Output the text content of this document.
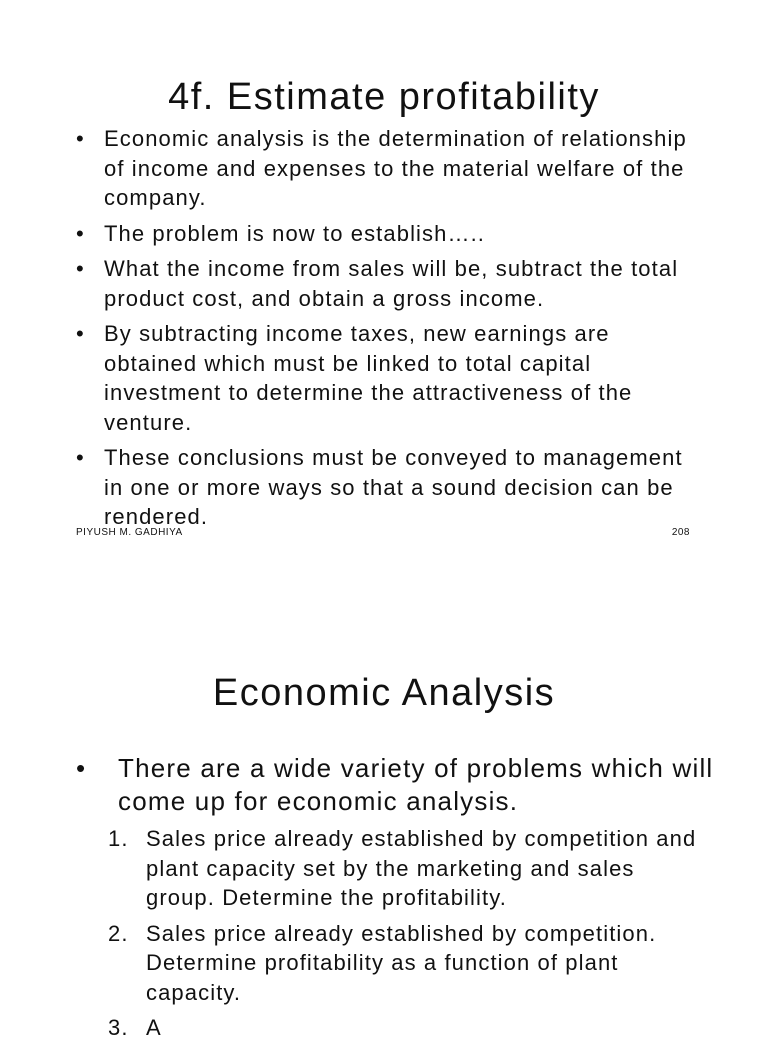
4f. Estimate profitability
• Economic analysis is the determination of relationship of income and expenses to the material welfare of the company.
• The problem is now to establish…..
• What the income from sales will be, subtract the total product cost, and obtain a gross income.
• By subtracting income taxes, new earnings are obtained which must be linked to total capital investment to determine the attractiveness of the venture.
• These conclusions must be conveyed to management in one or more ways so that a sound decision can be rendered.
PIYUSH M. GADHIYA	208
Economic Analysis
• There are a wide variety of problems which will come up for economic analysis.
1. Sales price already established by competition and plant capacity set by the marketing and sales group. Determine the profitability.
2. Sales price already established by competition. Determine profitability as a function of plant capacity.
3. A
